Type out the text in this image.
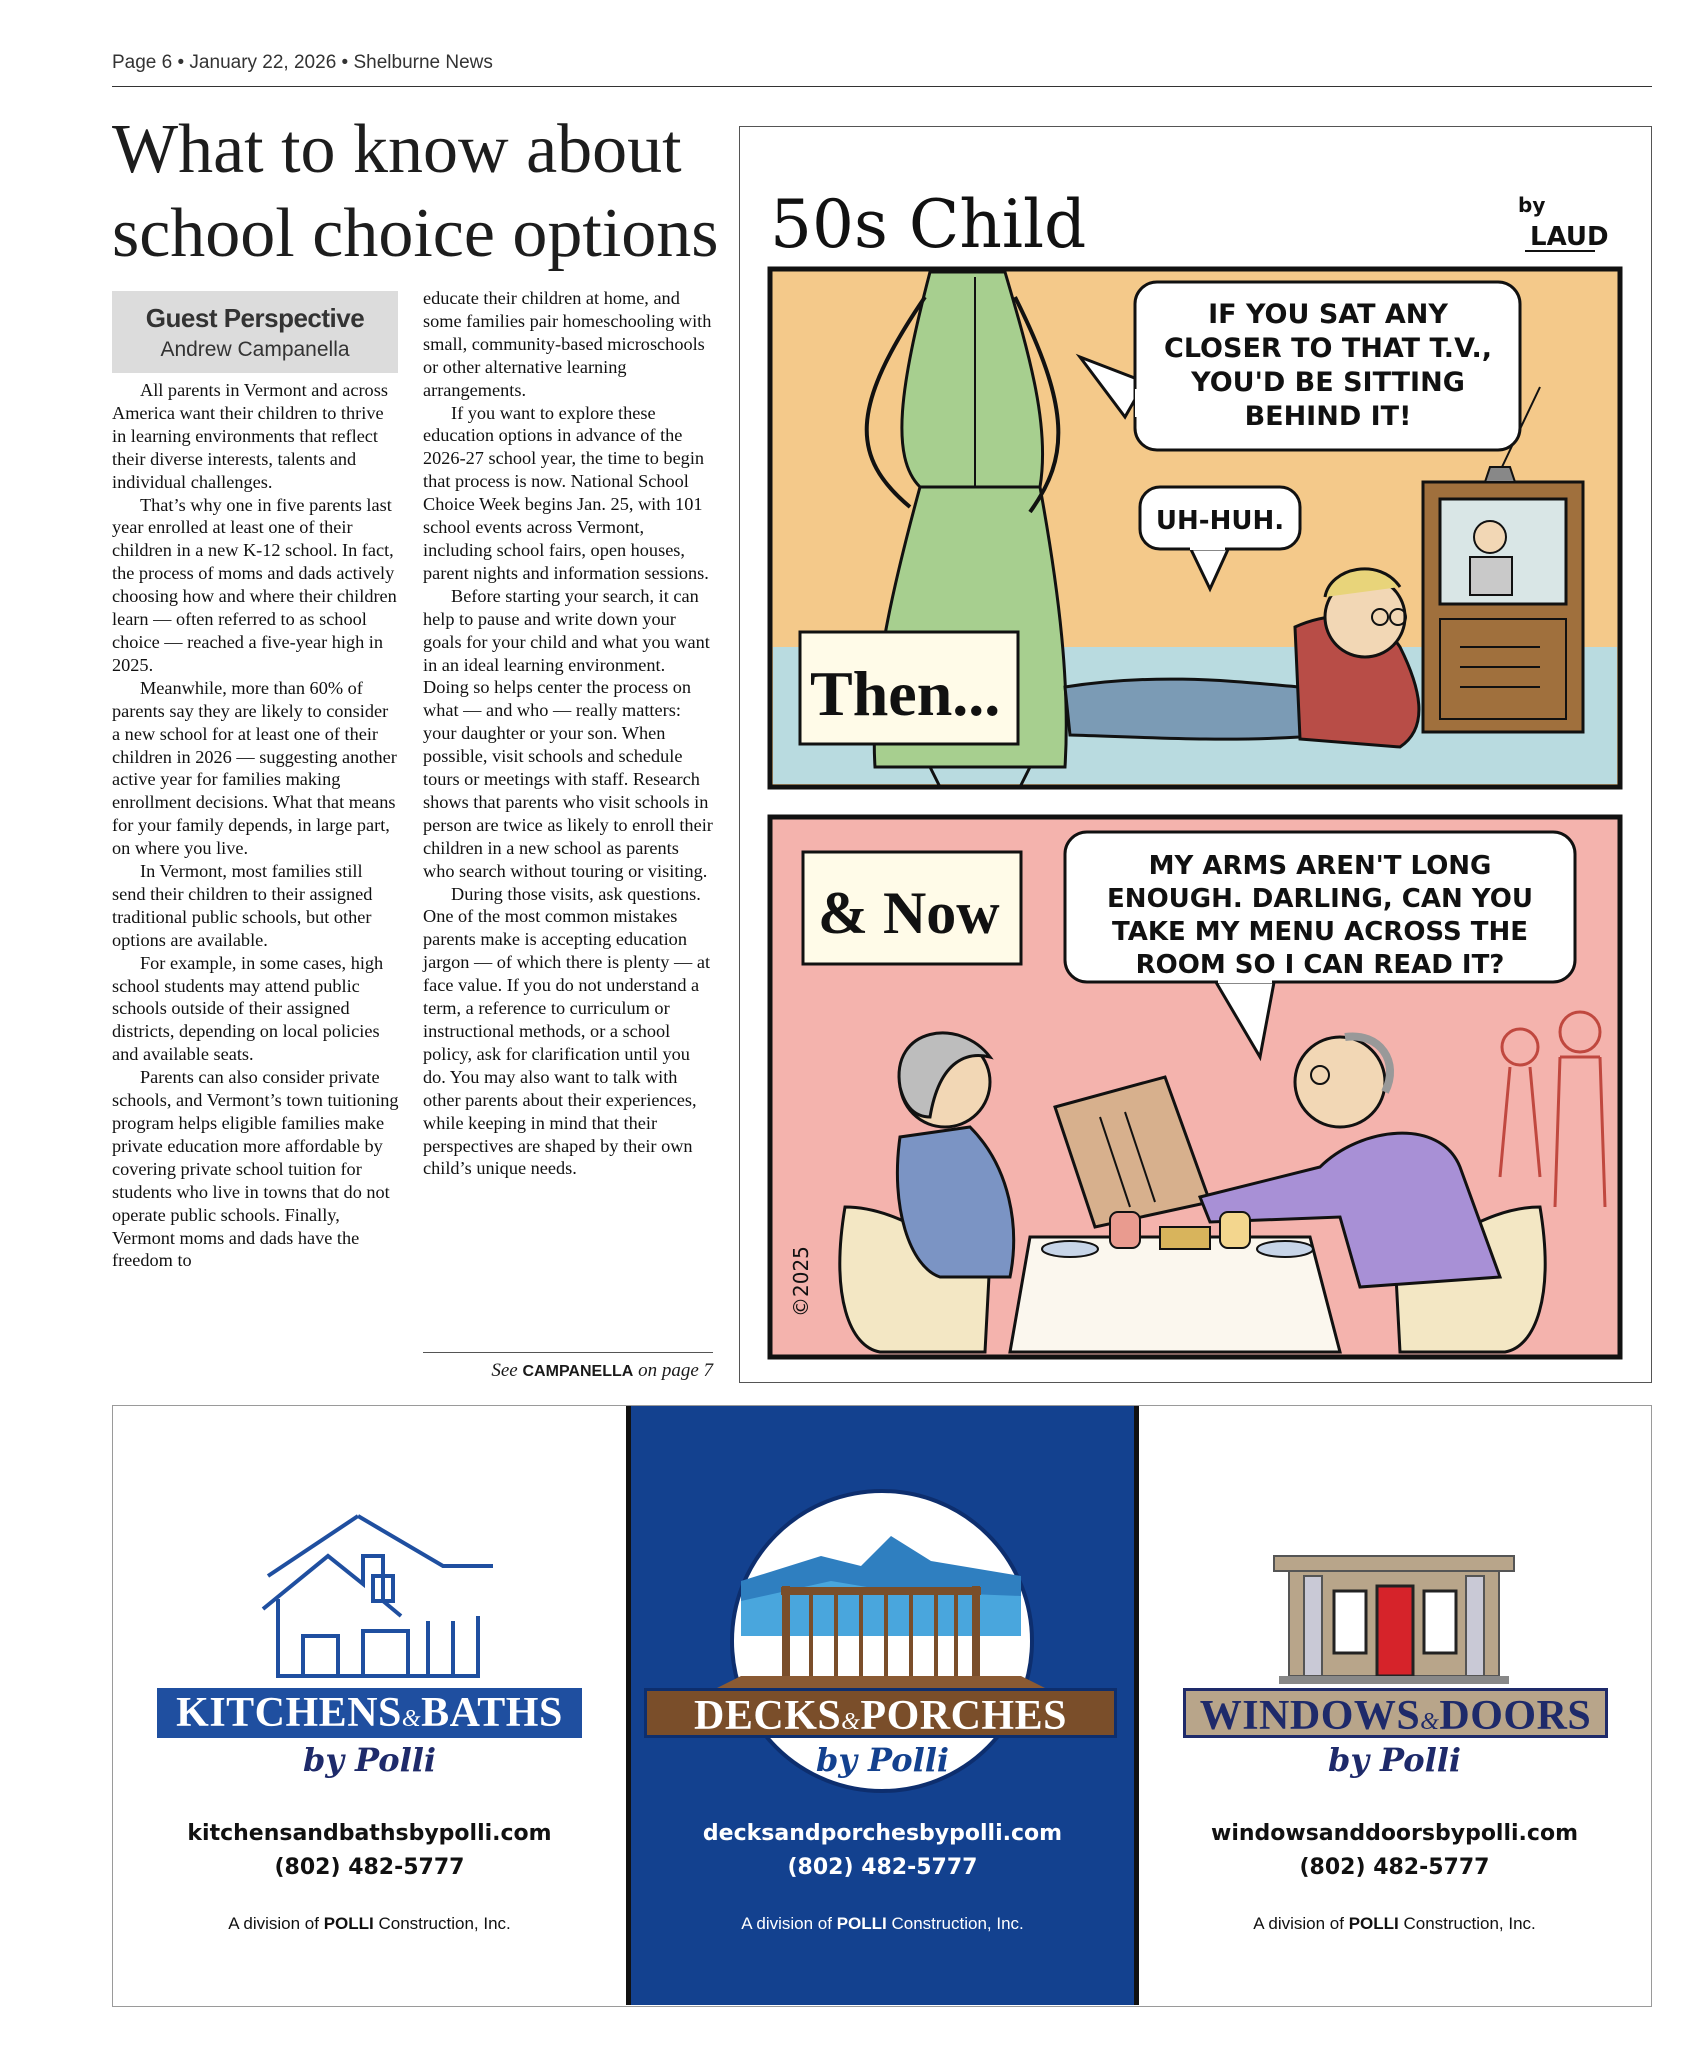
Page 6 • January 22, 2026 • Shelburne News
What to know about
school choice options
Guest Perspective
Andrew Campanella

All parents in Vermont and across America want their children to thrive in learning environments that reflect their diverse interests, talents and individual challenges.

That’s why one in five parents last year enrolled at least one of their children in a new K-12 school. In fact, the process of moms and dads actively choosing how and where their children learn — often referred to as school choice — reached a five-year high in 2025.

Meanwhile, more than 60% of parents say they are likely to consider a new school for at least one of their children in 2026 — suggesting another active year for families making enrollment decisions. What that means for your family depends, in large part, on where you live.

In Vermont, most families still send their children to their assigned traditional public schools, but other options are available.

For example, in some cases, high school students may attend public schools outside of their assigned districts, depending on local policies and available seats.

Parents can also consider private schools, and Vermont’s town tuitioning program helps eligible families make private education more affordable by covering private school tuition for students who live in towns that do not operate public schools. Finally, Vermont moms and dads have the freedom to

educate their children at home, and some families pair homeschooling with small, community-based microschools or other alternative learning arrangements.

If you want to explore these education options in advance of the 2026-27 school year, the time to begin that process is now. National School Choice Week begins Jan. 25, with 101 school events across Vermont, including school fairs, open houses, parent nights and information sessions.

Before starting your search, it can help to pause and write down your goals for your child and what you want in an ideal learning environment. Doing so helps center the process on what — and who — really matters: your daughter or your son. When possible, visit schools and schedule tours or meetings with staff. Research shows that parents who visit schools in person are twice as likely to enroll their children in a new school as parents who search without touring or visiting.

During those visits, ask questions. One of the most common mistakes parents make is accepting education jargon — of which there is plenty — at face value. If you do not understand a term, a reference to curriculum or instructional methods, or a school policy, ask for clarification until you do. You may also want to talk with other parents about their experiences, while keeping in mind that their perspectives are shaped by their own child’s unique needs.

See CAMPANELLA on page 7
50s Child	by
LAUD
IF YOU SAT ANY
CLOSER TO THAT T.V.,
YOU'D BE SITTING
BEHIND IT!
UH-HUH.
Then...
MY ARMS AREN'T LONG
ENOUGH. DARLING, CAN YOU
TAKE MY MENU ACROSS THE
ROOM SO I CAN READ IT?
& Now
©2025
KITCHENS&BATHS
by Polli
kitchensandbathsbypolli.com
(802) 482-5777
A division of POLLI Construction, Inc.
DECKS&PORCHES
by Polli
decksandporchesbypolli.com
(802) 482-5777
A division of POLLI Construction, Inc.
WINDOWS&DOORS
by Polli
windowsanddoorsbypolli.com
(802) 482-5777
A division of POLLI Construction, Inc.
